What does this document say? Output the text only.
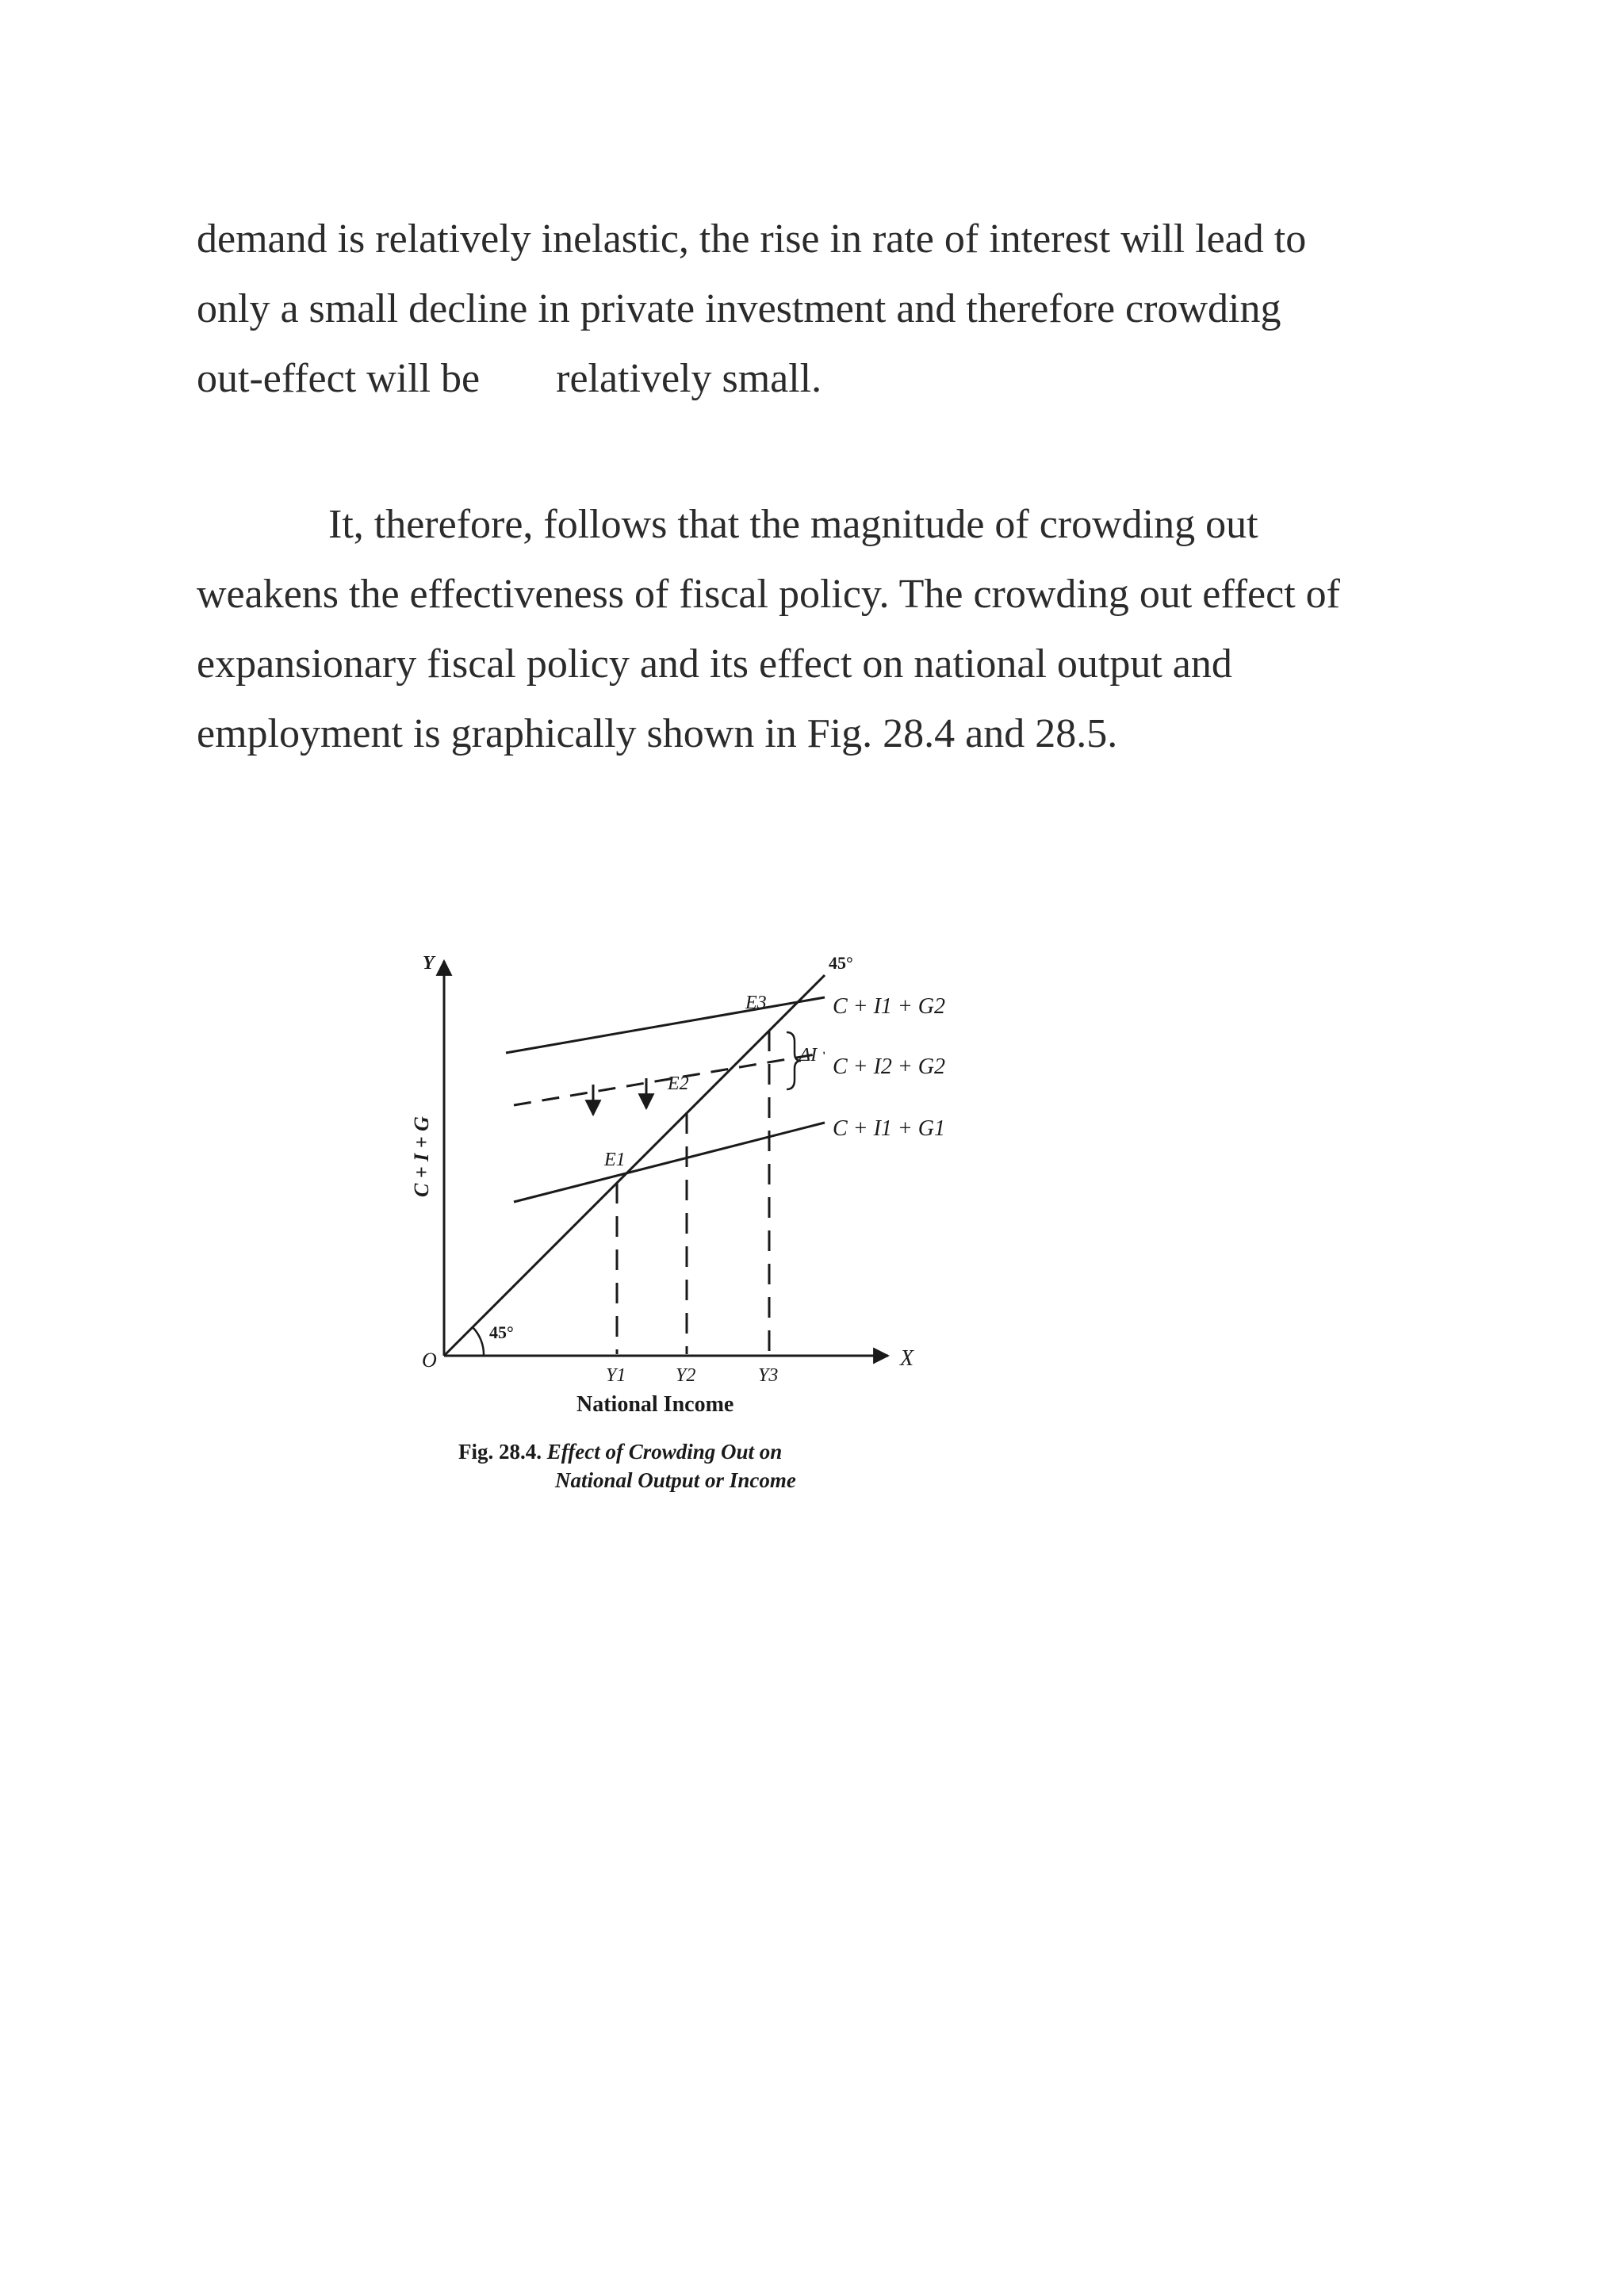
demand is relatively inelastic, the rise in rate of interest will lead to
only a small decline in private investment and therefore crowding
out-effect will be relatively small.

It, therefore, follows that the magnitude of crowding out
weakens the effectiveness of fiscal policy. The crowding out effect of
expansionary fiscal policy and its effect on national output and
employment is graphically shown in Fig. 28.4 and 28.5.

Y
X
O
C + I + G
45°
45°
E1
E2
E3
ΔI
C + I1 + G2
C + I2 + G2
C + I1 + G1
Y1	Y2	Y3
National Income
Fig. 28.4. Effect of Crowding Out on
National Output or Income
